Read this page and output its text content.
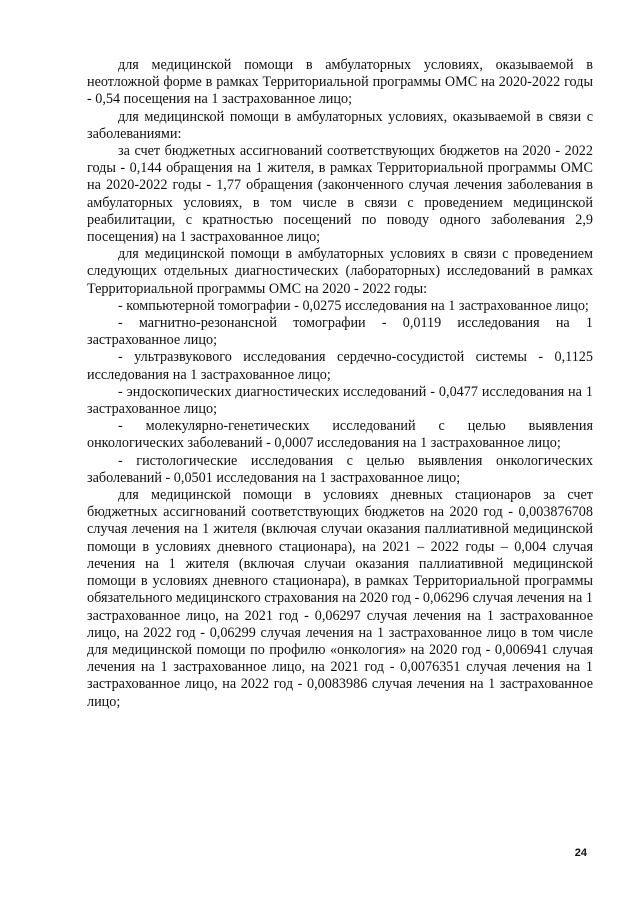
для медицинской помощи в амбулаторных условиях, оказываемой в неотложной форме в рамках Территориальной программы ОМС на 2020-2022 годы - 0,54 посещения на 1 застрахованное лицо;

для медицинской помощи в амбулаторных условиях, оказываемой в связи с заболеваниями:

за счет бюджетных ассигнований соответствующих бюджетов на 2020 - 2022 годы - 0,144 обращения на 1 жителя, в рамках Территориальной программы ОМС на 2020-2022 годы - 1,77 обращения (законченного случая лечения заболевания в амбулаторных условиях, в том числе в связи с проведением медицинской реабилитации, с кратностью посещений по поводу одного заболевания 2,9 посещения) на 1 застрахованное лицо;

для медицинской помощи в амбулаторных условиях в связи с проведением следующих отдельных диагностических (лабораторных) исследований в рамках Территориальной программы ОМС на 2020 - 2022 годы:

- компьютерной томографии - 0,0275 исследования на 1 застрахованное лицо;

- магнитно-резонансной томографии - 0,0119 исследования на 1 застрахованное лицо;

- ультразвукового исследования сердечно-сосудистой системы - 0,1125 исследования на 1 застрахованное лицо;

- эндоскопических диагностических исследований - 0,0477 исследования на 1 застрахованное лицо;

- молекулярно-генетических исследований с целью выявления онкологических заболеваний - 0,0007 исследования на 1 застрахованное лицо;

- гистологические исследования с целью выявления онкологических заболеваний - 0,0501 исследования на 1 застрахованное лицо;

для медицинской помощи в условиях дневных стационаров за счет бюджетных ассигнований соответствующих бюджетов на 2020 год - 0,003876708 случая лечения на 1 жителя (включая случаи оказания паллиативной медицинской помощи в условиях дневного стационара), на 2021 – 2022 годы – 0,004 случая лечения на 1 жителя (включая случаи оказания паллиативной медицинской помощи в условиях дневного стационара), в рамках Территориальной программы обязательного медицинского страхования на 2020 год - 0,06296 случая лечения на 1 застрахованное лицо, на 2021 год - 0,06297 случая лечения на 1 застрахованное лицо, на 2022 год - 0,06299 случая лечения на 1 застрахованное лицо в том числе для медицинской помощи по профилю «онкология» на 2020 год - 0,006941 случая лечения на 1 застрахованное лицо, на 2021 год - 0,0076351 случая лечения на 1 застрахованное лицо, на 2022 год - 0,0083986 случая лечения на 1 застрахованное лицо;

24
